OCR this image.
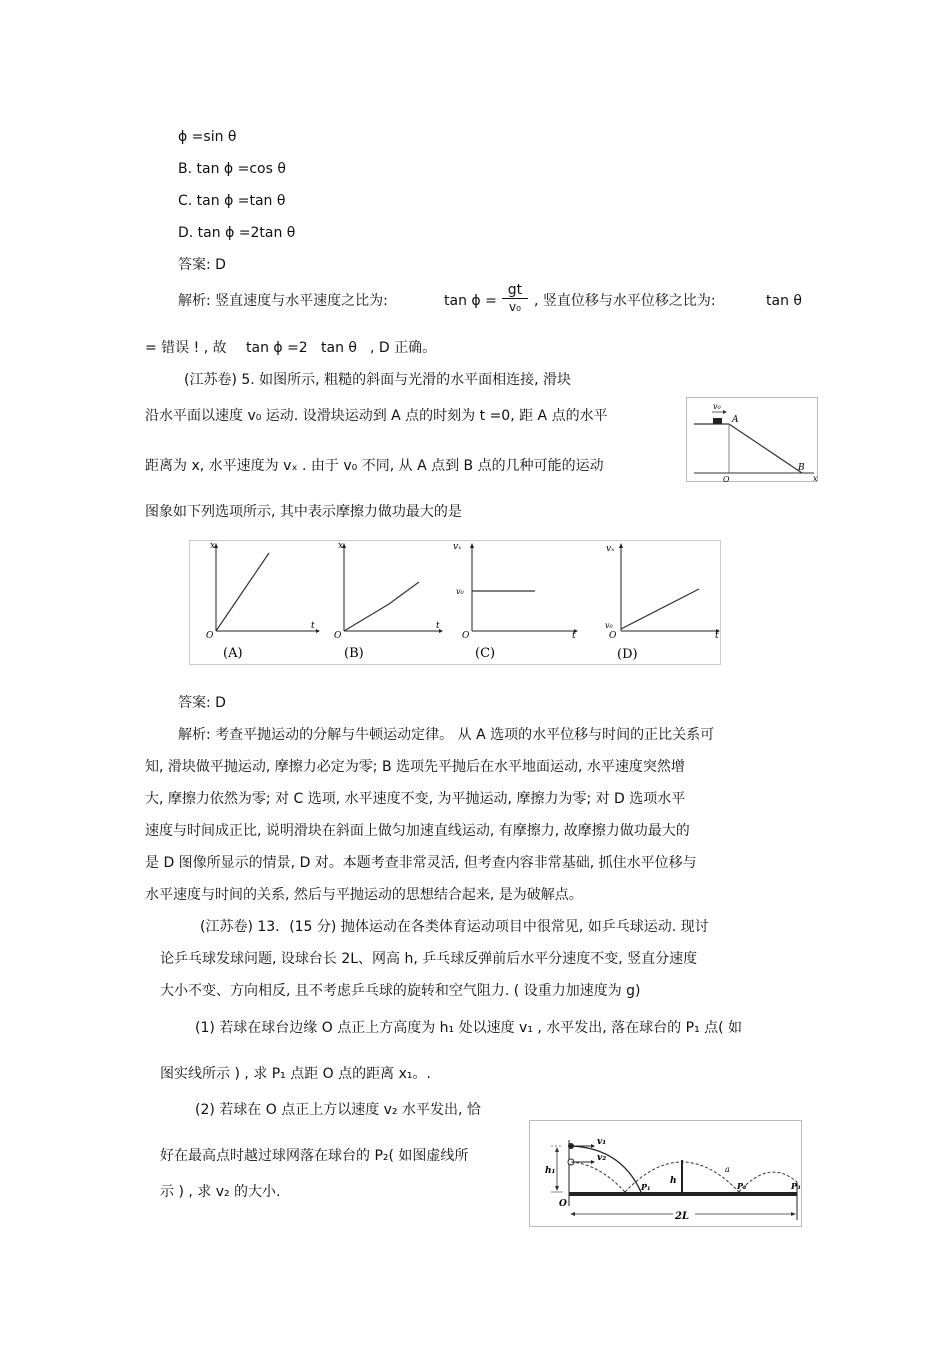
ϕ =sin θ
B. tan ϕ =cos θ
C. tan ϕ =tan θ
D. tan ϕ =2tan θ
答案: D
解析: 竖直速度与水平速度之比为:	$\tan \phi = \frac{gt}{\text{v₀}}$ , 竖直位移与水平位移之比为:	tan θ
= 错误 ! , 故 tan ϕ =2 tan θ , D 正确。
(江苏卷) 5. 如图所示, 粗糙的斜面与光滑的水平面相连接, 滑块
沿水平面以速度 v₀ 运动. 设滑块运动到 A 点的时刻为 t =0, 距 A 点的水平
距离为 x, 水平速度为 vₓ . 由于 v₀ 不同, 从 A 点到 B 点的几种可能的运动
图象如下列选项所示, 其中表示摩擦力做功最大的是
v₀
A
B
O	x
x
t
O
(A)
x
t
O
(B)
vₓ
v₀
t
O
(C)
vₓ
v₀
t
O
(D)
答案: D
解析: 考查平抛运动的分解与牛顿运动定律。 从 A 选项的水平位移与时间的正比关系可
知, 滑块做平抛运动, 摩擦力必定为零; B 选项先平抛后在水平地面运动, 水平速度突然增
大, 摩擦力依然为零; 对 C 选项, 水平速度不变, 为平抛运动, 摩擦力为零; 对 D 选项水平
速度与时间成正比, 说明滑块在斜面上做匀加速直线运动, 有摩擦力, 故摩擦力做功最大的
是 D 图像所显示的情景, D 对。本题考查非常灵活, 但考查内容非常基础, 抓住水平位移与
水平速度与时间的关系, 然后与平抛运动的思想结合起来, 是为破解点。
(江苏卷) 13．(15 分) 抛体运动在各类体育运动项目中很常见, 如乒乓球运动. 现讨
论乒乓球发球问题, 设球台长 2L、网高 h, 乒乓球反弹前后水平分速度不变, 竖直分速度
大小不变、方向相反, 且不考虑乒乓球的旋转和空气阻力. ( 设重力加速度为 g)
(1) 若球在球台边缘 O 点正上方高度为 h₁ 处以速度 v₁ , 水平发出, 落在球台的 P₁ 点( 如
图实线所示 ) , 求 P₁ 点距 O 点的距离 x₁。.
(2) 若球在 O 点正上方以速度 v₂ 水平发出, 恰
好在最高点时越过球网落在球台的 P₂( 如图虚线所
示 ) , 求 v₂ 的大小.
v₁
v₂
h₁
h
O
P₁	P₂	P₃
a
2L
